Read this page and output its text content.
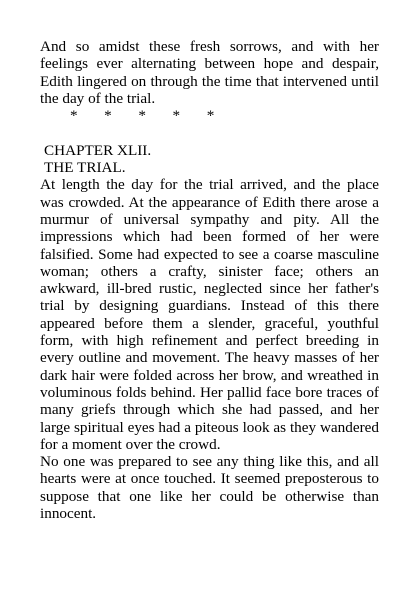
And so amidst these fresh sorrows, and with her feelings ever alternating between hope and despair, Edith lingered on through the time that intervened until the day of the trial.

*       *       *       *       *
CHAPTER XLII.
THE TRIAL.

At length the day for the trial arrived, and the place was crowded. At the appearance of Edith there arose a murmur of universal sympathy and pity. All the impressions which had been formed of her were falsified. Some had expected to see a coarse masculine woman; others a crafty, sinister face; others an awkward, ill-bred rustic, neglected since her father's trial by designing guardians. Instead of this there appeared before them a slender, graceful, youthful form, with high refinement and perfect breeding in every outline and movement. The heavy masses of her dark hair were folded across her brow, and wreathed in voluminous folds behind. Her pallid face bore traces of many griefs through which she had passed, and her large spiritual eyes had a piteous look as they wandered for a moment over the crowd.

No one was prepared to see any thing like this, and all hearts were at once touched. It seemed preposterous to suppose that one like her could be otherwise than innocent.
